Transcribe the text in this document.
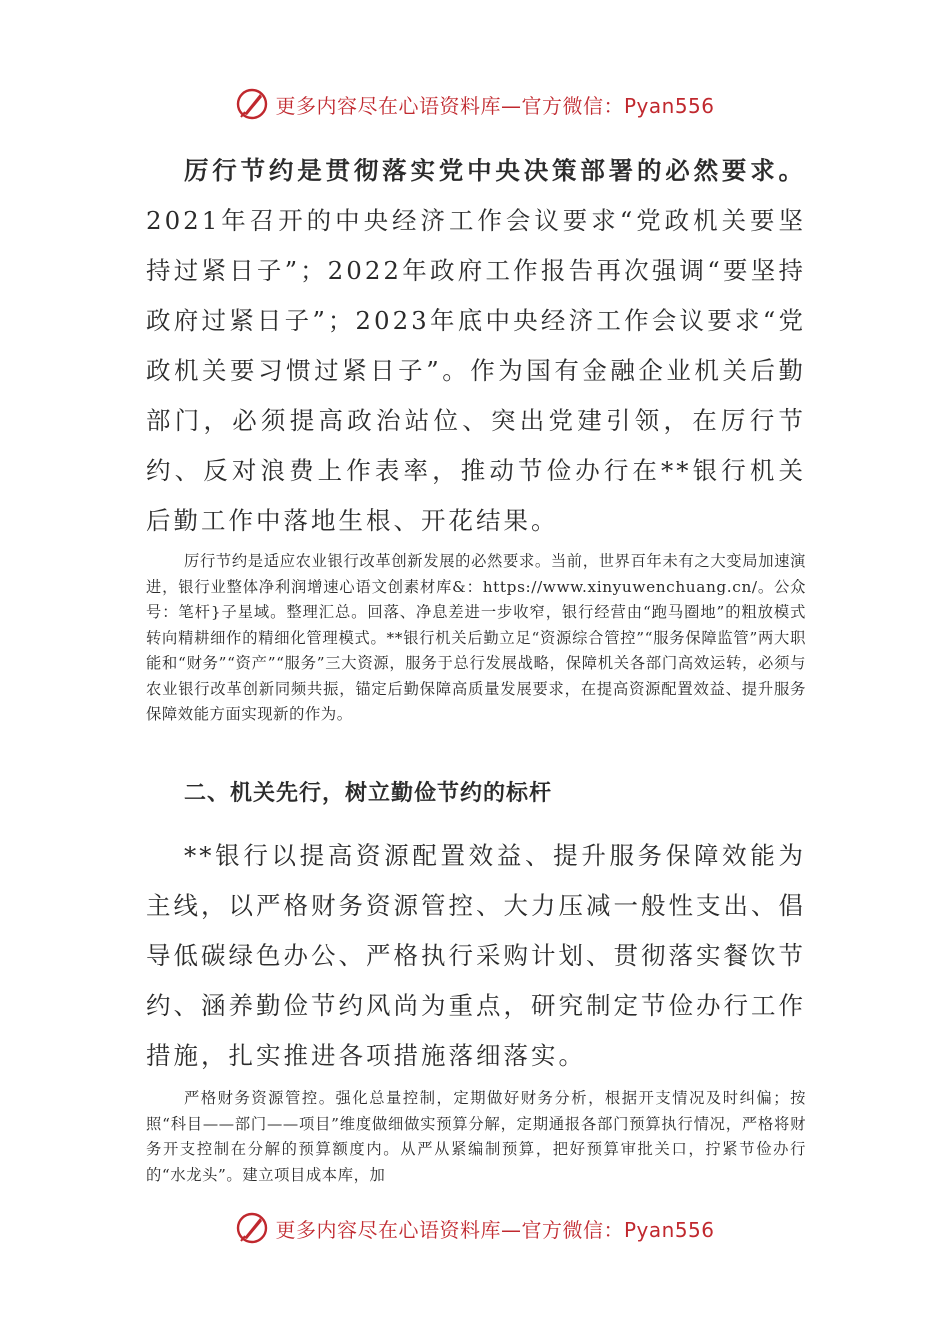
更多内容尽在心语资料库—官方微信：Pyan556

厉行节约是贯彻落实党中央决策部署的必然要求。2021年召开的中央经济工作会议要求“党政机关要坚持过紧日子”；2022年政府工作报告再次强调“要坚持政府过紧日子”；2023年底中央经济工作会议要求“党政机关要习惯过紧日子”。作为国有金融企业机关后勤部门，必须提高政治站位、突出党建引领，在厉行节约、反对浪费上作表率，推动节俭办行在**银行机关后勤工作中落地生根、开花结果。

厉行节约是适应农业银行改革创新发展的必然要求。当前，世界百年未有之大变局加速演进，银行业整体净利润增速心语文创素材库&：https://www.xinyuwenchuang.cn/。公众号：笔杆}子星域。整理汇总。回落、净息差进一步收窄，银行经营由“跑马圈地”的粗放模式转向精耕细作的精细化管理模式。**银行机关后勤立足“资源综合管控”“服务保障监管”两大职能和“财务”“资产”“服务”三大资源，服务于总行发展战略，保障机关各部门高效运转，必须与农业银行改革创新同频共振，锚定后勤保障高质量发展要求，在提高资源配置效益、提升服务保障效能方面实现新的作为。

二、机关先行，树立勤俭节约的标杆

**银行以提高资源配置效益、提升服务保障效能为主线，以严格财务资源管控、大力压减一般性支出、倡导低碳绿色办公、严格执行采购计划、贯彻落实餐饮节约、涵养勤俭节约风尚为重点，研究制定节俭办行工作措施，扎实推进各项措施落细落实。

严格财务资源管控。强化总量控制，定期做好财务分析，根据开支情况及时纠偏；按照“科目——部门——项目”维度做细做实预算分解，定期通报各部门预算执行情况，严格将财务开支控制在分解的预算额度内。从严从紧编制预算，把好预算审批关口，拧紧节俭办行的“水龙头”。建立项目成本库，加

更多内容尽在心语资料库—官方微信：Pyan556
